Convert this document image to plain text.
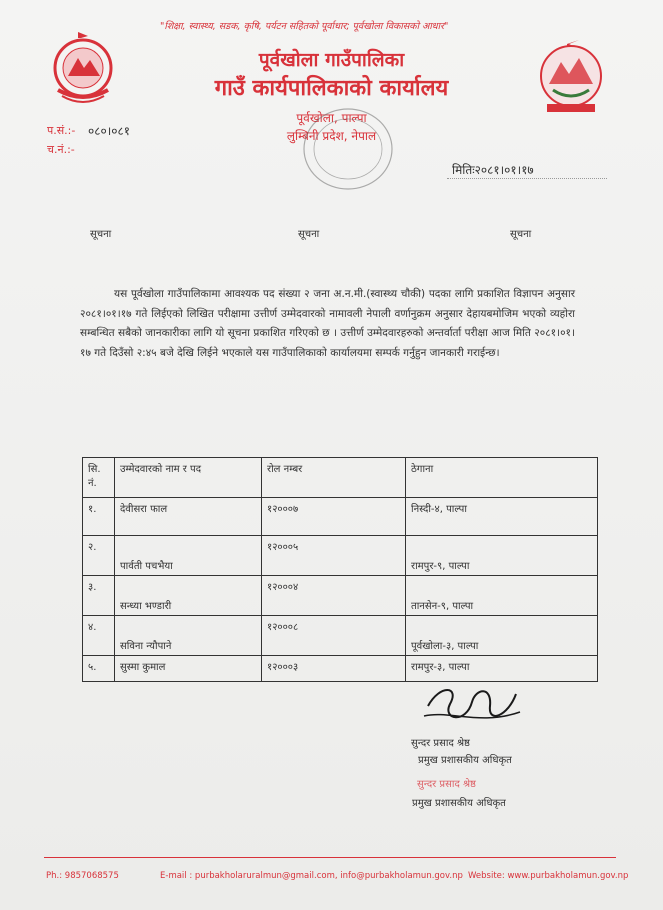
"शिक्षा, स्वास्थ्य, सडक, कृषि, पर्यटन सहितको पूर्वाधार; पूर्वखोला विकासको आधार"
पूर्वखोला गाउँपालिका
गाउँ कार्यपालिकाको कार्यालय
पूर्वखोला, पाल्पा
लुम्बिनी प्रदेश, नेपाल
प.सं.:- ०८०।०८१
च.नं.:-
मितिः२०८१।०१।१७
सूचना	सूचना	सूचना
यस पूर्वखोला गाउँपालिकामा आवश्यक पद संख्या २ जना अ.न.मी.(स्वास्थ्य चौकी) पदका लागि प्रकाशित विज्ञापन अनुसार २०८१।०१।१७ गते लिईएको लिखित परीक्षामा उत्तीर्ण उम्मेदवारको नामावली नेपाली वर्णानुक्रम अनुसार देहायबमोजिम भएको व्यहोरा सम्बन्धित सबैको जानकारीका लागि यो सूचना प्रकाशित गरिएको छ । उत्तीर्ण उम्मेदवारहरुको अन्तर्वार्ता परीक्षा आज मिति २०८१।०१।१७ गते दिउँसो २:४५ बजे देखि लिईने भएकाले यस गाउँपालिकाको कार्यालयमा सम्पर्क गर्नुहुन जानकारी गराईन्छ।
सि. नं.	उम्मेदवारको नाम र पद	रोल नम्बर	ठेगाना
१.	देवीसरा फाल	१२०००७	निस्दी-४, पाल्पा
२.	पार्वती पचभैया	१२०००५	रामपुर-९, पाल्पा
३.	सन्ध्या भण्डारी	१२०००४	तानसेन-९, पाल्पा
४.	सविना न्यौपाने	१२०००८	पूर्वखोला-३, पाल्पा
५.	सुस्मा कुमाल	१२०००३	रामपुर-३, पाल्पा
सुन्दर प्रसाद श्रेष्ठ
प्रमुख प्रशासकीय अधिकृत
सुन्दर प्रसाद श्रेष्ठ
प्रमुख प्रशासकीय अधिकृत
Ph.: 9857068575	E-mail : purbakholaruralmun@gmail.com, info@purbakholamun.gov.np Website: www.purbakholamun.gov.np
